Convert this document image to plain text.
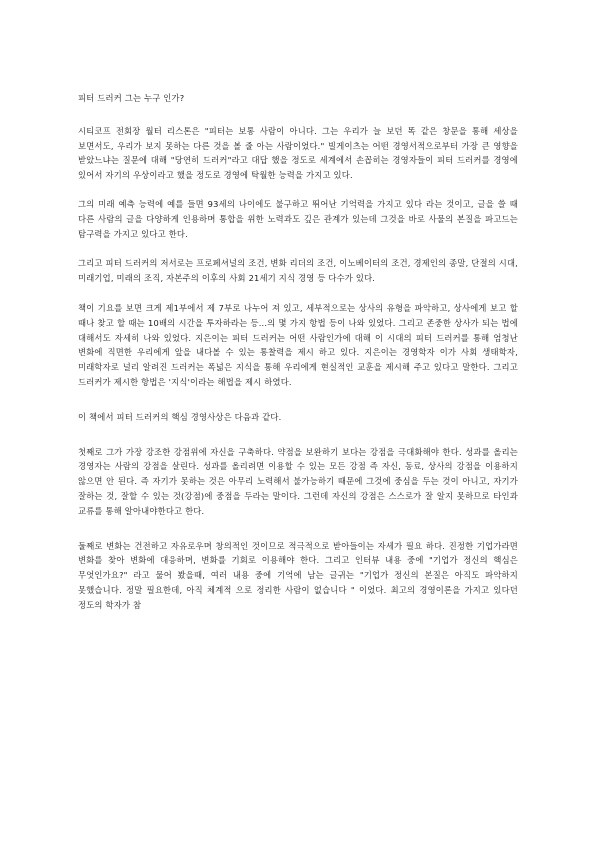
피터 드러커 그는 누구 인가?

시티코프 전회장 월터 리스톤은 "피터는 보통 사람이 아니다. 그는 우리가 늘 보던 똑 같은 창문을 통해 세상을 보면서도, 우리가 보지 못하는 다른 것을 볼 줄 아는 사람이었다." 빌게이츠는 어떤 경영서적으로부터 가장 큰 영향을 받았느냐는 질문에 대해 "당연히 드러커"라고 대답 했을 정도로 세계에서 손꼽히는 경영자들이 피터 드러커를 경영에 있어서 자기의 우상이라고 했을 정도로 경영에 탁월한 능력을 가지고 있다.

그의 미래 예측 능력에 예를 들면 93세의 나이에도 불구하고 뛰어난 기억력을 가지고 있다 라는 것이고, 글을 쓸 때 다른 사람의 글을 다양하게 인용하며 통합을 위한 노력과도 깊은 관계가 있는데 그것을 바로 사물의 본질을 파고드는 탐구력을 가지고 있다고 한다.

그리고 피터 드러커의 저서로는 프로페셔널의 조건, 변화 리더의 조건, 이노베이터의 조건, 경제인의 종말, 단절의 시대, 미래기업, 미래의 조직, 자본주의 이후의 사회 21세기 지식 경영 등 다수가 있다.

책이 기요를 보면 크게 제1부에서 제 7부로 나누어 져 있고, 세부적으로는 상사의 유형을 파악하고, 상사에게 보고 할 때나 찾고 할 때는 10배의 시간을 투자하라는 등...의 몇 가지 항법 등이 나와 있었다. 그리고 존중한 상사가 되는 법에 대해서도 자세히 나와 있었다. 지은이는 피터 드러커는 어떤 사람인가에 대해 이 시대의 피터 드러커를 통해 엄청난 변화에 직면한 우리에게 앞을 내다볼 수 있는 통찰력을 제시 하고 있다. 지은이는 경영학자 이가 사회 생태학자, 미래학자로 널리 알려진 드러커는 폭넓은 지식을 통해 우리에게 현실적인 교훈을 제시해 주고 있다고 말한다. 그리고 드러커가 제시한 항법은 '지식'이라는 해법을 제시 하였다.

이 책에서 피터 드러커의 핵심 경영사상은 다음과 같다.

첫째로 그가 가장 강조한 강점위에 자신을 구축하다. 약점을 보완하기 보다는 강점을 극대화해야 한다. 성과를 올리는 경영자는 사람의 강점을 살린다. 성과를 올리려면 이용할 수 있는 모든 강점 즉 자신, 동료, 상사의 강점을 이용하지 않으면 안 된다. 즉 자기가 못하는 것은 아무리 노력해서 불가능하기 때문에 그것에 중심을 두는 것이 아니고, 자기가 잘하는 것, 잘할 수 있는 것(강점)에 중점을 두라는 말이다. 그런데 자신의 강점은 스스로가 잘 알지 못하므로 타인과 교류를 통해 알아내야한다고 한다.

둘째로 변화는 건전하고 자유로우며 창의적인 것이므로 적극적으로 받아들이는 자세가 필요 하다. 진정한 기업가라면 변화를 찾아 변화에 대응하며, 변화를 기회로 이용해야 한다. 그리고 인터뷰 내용 중에 "기업가 정신의 핵심은 무엇인가요?" 라고 물어 봤을때, 여러 내용 중에 기억에 남는 글귀는 "기업가 정신의 본질은 아직도 파악하지 못했습니다. 정말 필요한데, 아직 체계적 으로 정리한 사람이 없습니다 " 이었다. 최고의 경영이론을 가지고 있다던 정도의 학자가 참
